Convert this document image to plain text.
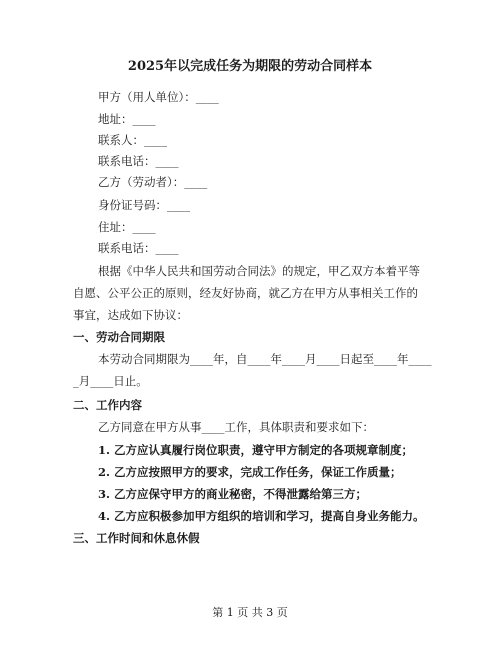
2025年以完成任务为期限的劳动合同样本
甲方（用人单位）：____
地址：____
联系人：____
联系电话：____
乙方（劳动者）：____
身份证号码：____
住址：____
联系电话：____
根据《中华人民共和国劳动合同法》的规定，甲乙双方本着平等
自愿、公平公正的原则，经友好协商，就乙方在甲方从事相关工作的
事宜，达成如下协议：
一、劳动合同期限
本劳动合同期限为____年，自____年____月____日起至____年____
_月____日止。
二、工作内容
乙方同意在甲方从事____工作，具体职责和要求如下：
1. 乙方应认真履行岗位职责，遵守甲方制定的各项规章制度；
2. 乙方应按照甲方的要求，完成工作任务，保证工作质量；
3. 乙方应保守甲方的商业秘密，不得泄露给第三方；
4. 乙方应积极参加甲方组织的培训和学习，提高自身业务能力。
三、工作时间和休息休假
第 1 页 共 3 页
